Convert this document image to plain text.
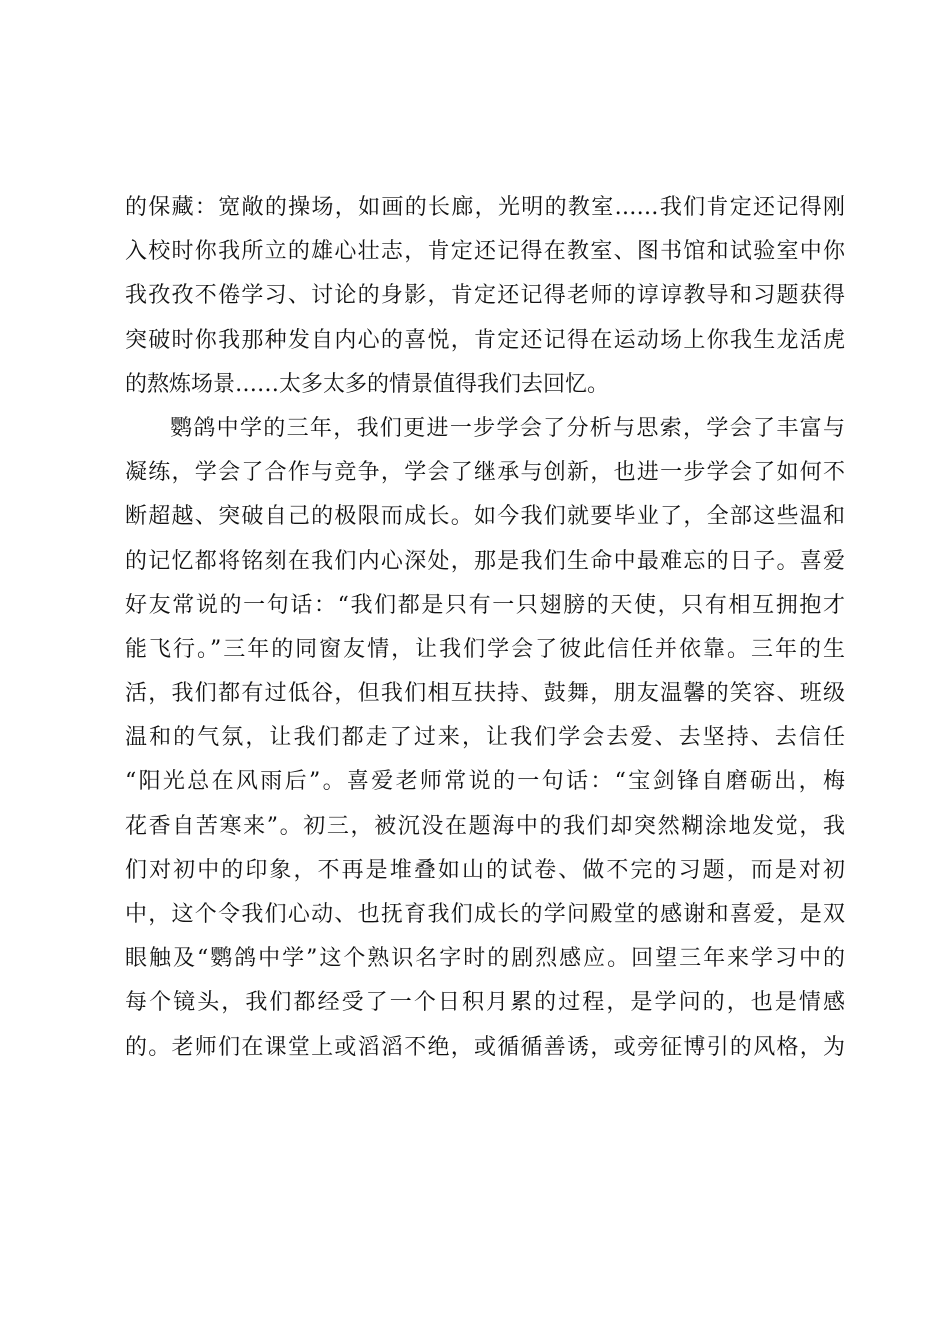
的保藏：宽敞的操场，如画的长廊，光明的教室……我们肯定还记得刚
入校时你我所立的雄心壮志，肯定还记得在教室、图书馆和试验室中你
我孜孜不倦学习、讨论的身影，肯定还记得老师的谆谆教导和习题获得
突破时你我那种发自内心的喜悦，肯定还记得在运动场上你我生龙活虎
的熬炼场景……太多太多的情景值得我们去回忆。
鹦鸽中学的三年，我们更进一步学会了分析与思索，学会了丰富与
凝练，学会了合作与竞争，学会了继承与创新，也进一步学会了如何不
断超越、突破自己的极限而成长。如今我们就要毕业了，全部这些温和
的记忆都将铭刻在我们内心深处，那是我们生命中最难忘的日子。喜爱
好友常说的一句话：“我们都是只有一只翅膀的天使，只有相互拥抱才
能飞行。”三年的同窗友情，让我们学会了彼此信任并依靠。三年的生
活，我们都有过低谷，但我们相互扶持、鼓舞，朋友温馨的笑容、班级
温和的气氛，让我们都走了过来，让我们学会去爱、去坚持、去信任
“阳光总在风雨后”。喜爱老师常说的一句话：“宝剑锋自磨砺出，梅
花香自苦寒来”。初三，被沉没在题海中的我们却突然糊涂地发觉，我
们对初中的印象，不再是堆叠如山的试卷、做不完的习题，而是对初
中，这个令我们心动、也抚育我们成长的学问殿堂的感谢和喜爱，是双
眼触及“鹦鸽中学”这个熟识名字时的剧烈感应。回望三年来学习中的
每个镜头，我们都经受了一个日积月累的过程，是学问的，也是情感
的。老师们在课堂上或滔滔不绝，或循循善诱，或旁征博引的风格，为
